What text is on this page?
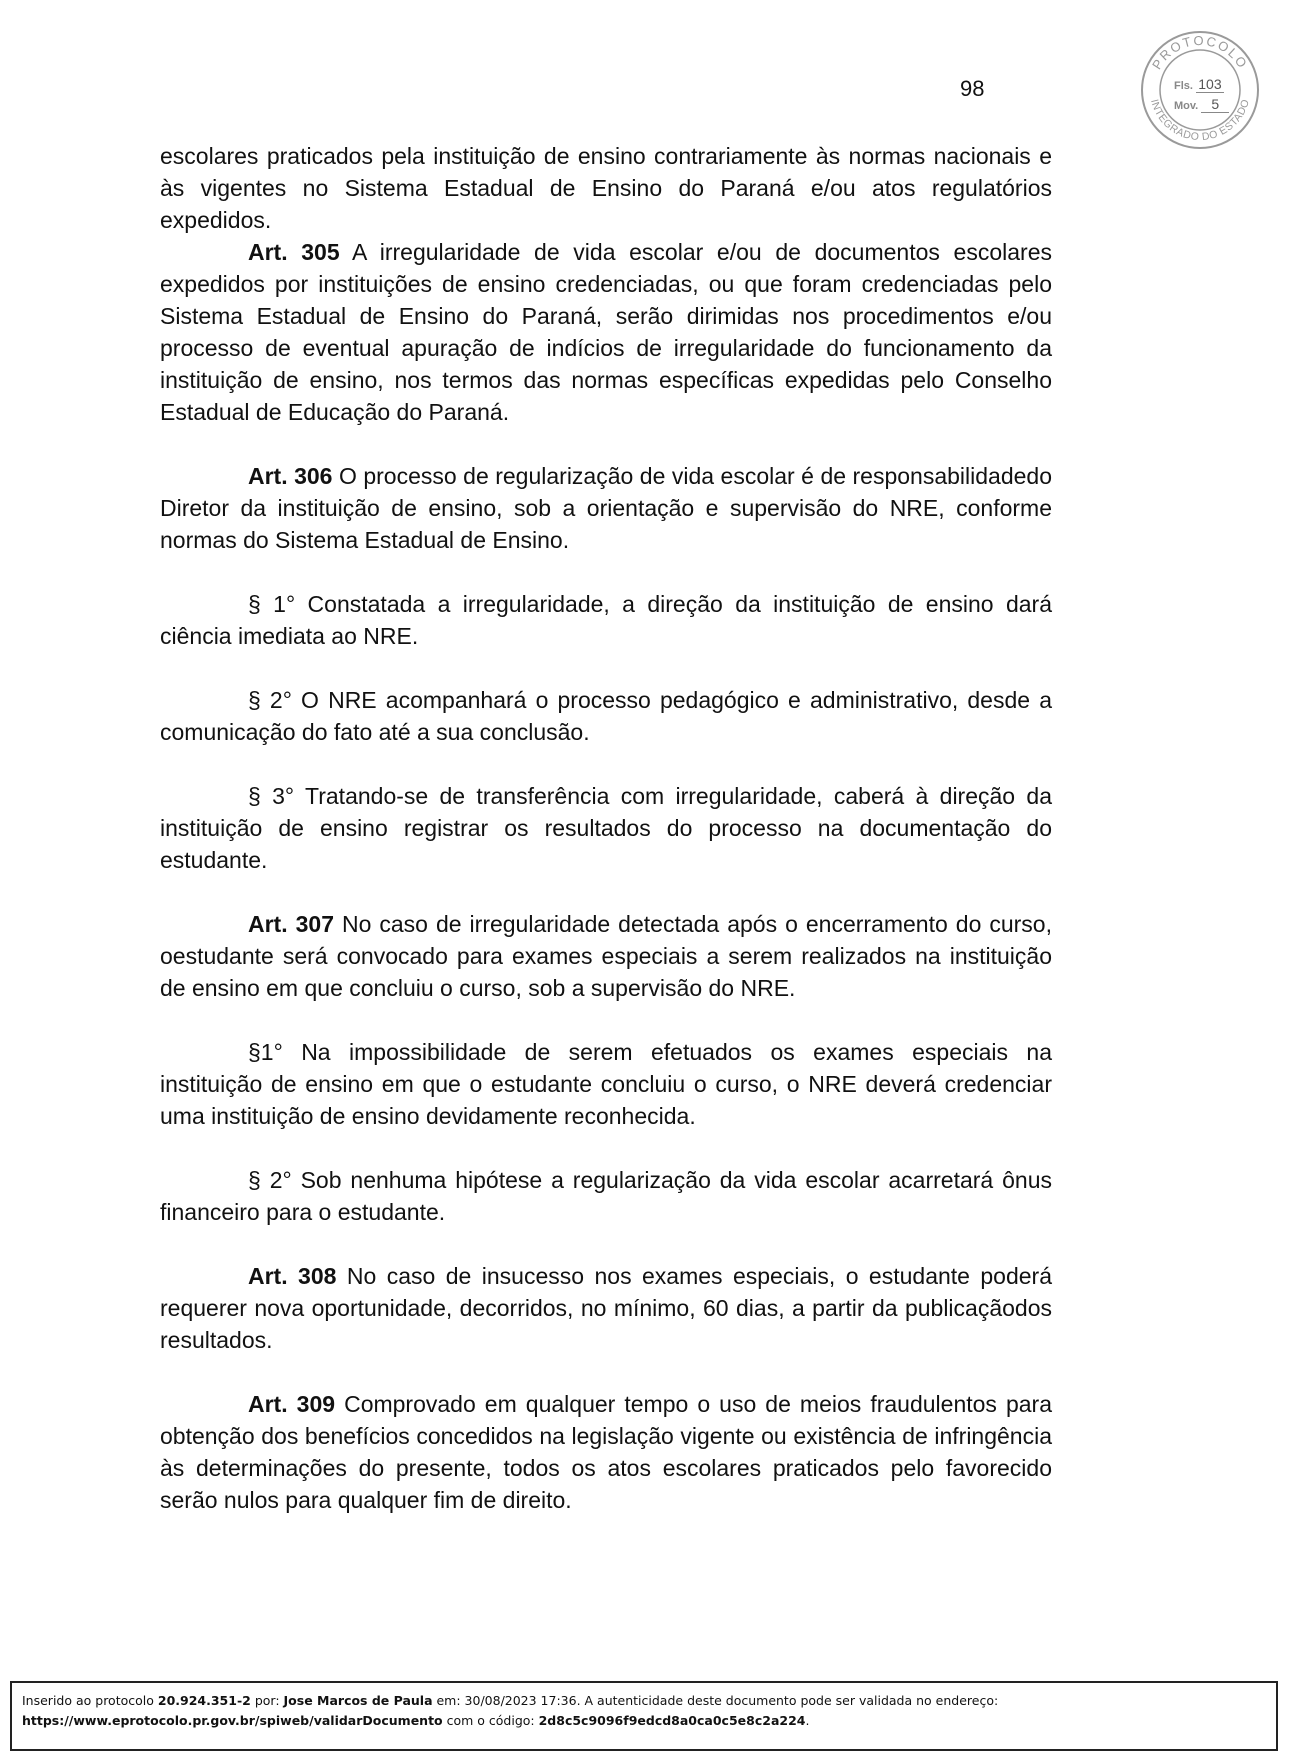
98
PROTOCOLO
INTEGRADO DO ESTADO
Fls. 103
Mov. 5

escolares praticados pela instituição de ensino contrariamente às normas nacionais e às vigentes no Sistema Estadual de Ensino do Paraná e/ou atos regulatórios expedidos.

Art. 305 A irregularidade de vida escolar e/ou de documentos escolares expedidos por instituições de ensino credenciadas, ou que foram credenciadas pelo Sistema Estadual de Ensino do Paraná, serão dirimidas nos procedimentos e/ou processo de eventual apuração de indícios de irregularidade do funcionamento da instituição de ensino, nos termos das normas específicas expedidas pelo Conselho Estadual de Educação do Paraná.

Art. 306 O processo de regularização de vida escolar é de responsabilidadedo Diretor da instituição de ensino, sob a orientação e supervisão do NRE, conforme normas do Sistema Estadual de Ensino.

§ 1° Constatada a irregularidade, a direção da instituição de ensino dará ciência imediata ao NRE.

§ 2° O NRE acompanhará o processo pedagógico e administrativo, desde a comunicação do fato até a sua conclusão.

§ 3° Tratando-se de transferência com irregularidade, caberá à direção da instituição de ensino registrar os resultados do processo na documentação do estudante.

Art. 307 No caso de irregularidade detectada após o encerramento do curso, oestudante será convocado para exames especiais a serem realizados na instituição de ensino em que concluiu o curso, sob a supervisão do NRE.

§1° Na impossibilidade de serem efetuados os exames especiais na instituição de ensino em que o estudante concluiu o curso, o NRE deverá credenciar uma instituição de ensino devidamente reconhecida.

§ 2° Sob nenhuma hipótese a regularização da vida escolar acarretará ônus financeiro para o estudante.

Art. 308 No caso de insucesso nos exames especiais, o estudante poderá requerer nova oportunidade, decorridos, no mínimo, 60 dias, a partir da publicaçãodos resultados.

Art. 309 Comprovado em qualquer tempo o uso de meios fraudulentos para obtenção dos benefícios concedidos na legislação vigente ou existência de infringência às determinações do presente, todos os atos escolares praticados pelo favorecido serão nulos para qualquer fim de direito.

Inserido ao protocolo 20.924.351-2 por: Jose Marcos de Paula em: 30/08/2023 17:36. A autenticidade deste documento pode ser validada no endereço:
https://www.eprotocolo.pr.gov.br/spiweb/validarDocumento com o código: 2d8c5c9096f9edcd8a0ca0c5e8c2a224.
